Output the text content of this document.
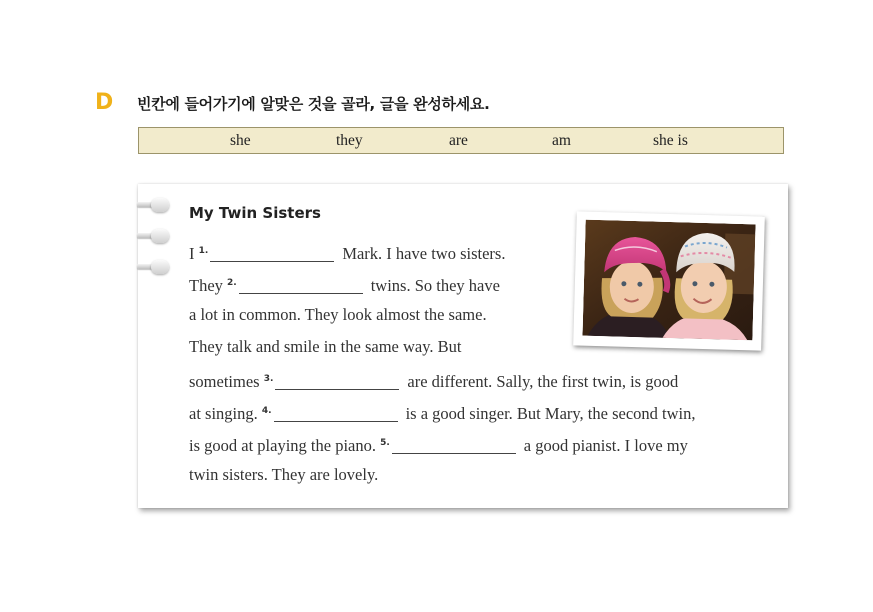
D 빈칸에 들어가기에 알맞은 것을 골라, 글을 완성하세요.
she	they	are	am	she is
My Twin Sisters
I $^{1.}$	Mark. I have two sisters.
They $^{2.}$	twins. So they have
a lot in common. They look almost the same.
They talk and smile in the same way. But
sometimes $^{3.}$	are different. Sally, the first twin, is good
at singing. $^{4.}$	is a good singer. But Mary, the second twin,
is good at playing the piano. $^{5.}$	a good pianist. I love my
twin sisters. They are lovely.
